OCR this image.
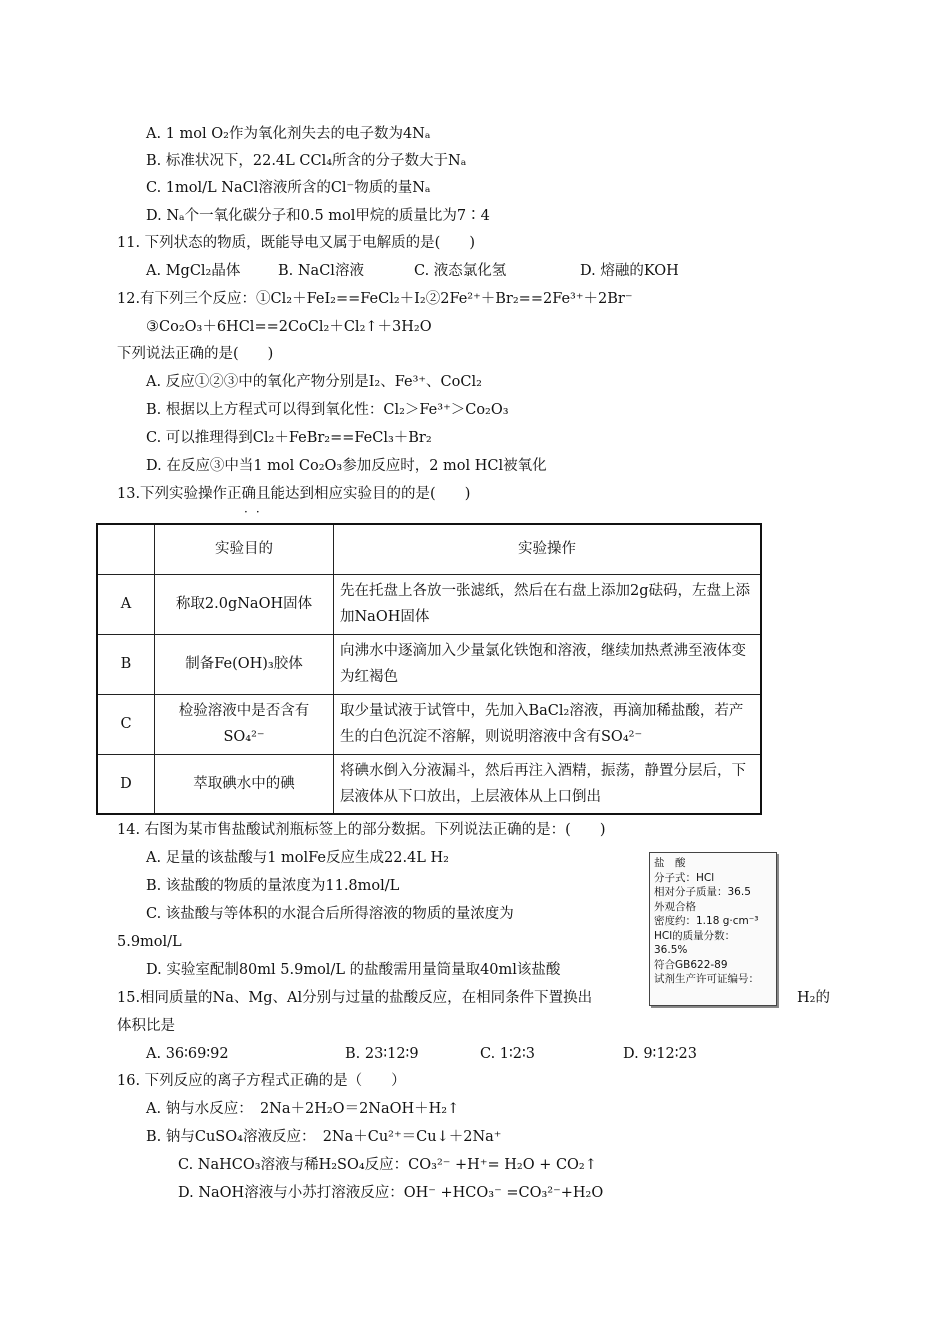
A. 1 mol O₂作为氧化剂失去的电子数为4Nₐ
B. 标准状况下，22.4L CCl₄所含的分子数大于Nₐ
C. 1mol/L NaCl溶液所含的Cl⁻物质的量Nₐ
D. Nₐ个一氧化碳分子和0.5 mol甲烷的质量比为7∶4
11. 下列状态的物质，既能导电又属于电解质的是(　　)
A. MgCl₂晶体	B. NaCl溶液	C. 液态氯化氢	D. 熔融的KOH
12.有下列三个反应：①Cl₂＋FeI₂==FeCl₂＋I₂②2Fe²⁺＋Br₂==2Fe³⁺＋2Br⁻
③Co₂O₃＋6HCl==2CoCl₂＋Cl₂↑＋3H₂O
下列说法正确的是(　　)
A. 反应①②③中的氧化产物分别是I₂、Fe³⁺、CoCl₂
B. 根据以上方程式可以得到氧化性：Cl₂＞Fe³⁺＞Co₂O₃
C. 可以推理得到Cl₂＋FeBr₂==FeCl₃＋Br₂
D. 在反应③中当1 mol Co₂O₃参加反应时，2 mol HCl被氧化
13.下列实验操作正确且能达到相应实验目的的是(　　)
··
	实验目的	实验操作
A	称取2.0gNaOH固体	先在托盘上各放一张滤纸，然后在右盘上添加2g砝码，左盘上添加NaOH固体
B	制备Fe(OH)₃胶体	向沸水中逐滴加入少量氯化铁饱和溶液，继续加热煮沸至液体变为红褐色
C	检验溶液中是否含有SO₄²⁻	取少量试液于试管中，先加入BaCl₂溶液，再滴加稀盐酸，若产生的白色沉淀不溶解，则说明溶液中含有SO₄²⁻
D	萃取碘水中的碘	将碘水倒入分液漏斗，然后再注入酒精，振荡，静置分层后，下层液体从下口放出，上层液体从上口倒出
14. 右图为某市售盐酸试剂瓶标签上的部分数据。下列说法正确的是：(　　)
A. 足量的该盐酸与1 molFe反应生成22.4L H₂
B. 该盐酸的物质的量浓度为11.8mol/L
C. 该盐酸与等体积的水混合后所得溶液的物质的量浓度为
5.9mol/L
D. 实验室配制80ml 5.9mol/L 的盐酸需用量筒量取40ml该盐酸
盐　酸
分子式：HCl
相对分子质量：36.5
外观合格
密度约：1.18 g·cm⁻³
HCl的质量分数：
36.5%
符合GB622-89
试剂生产许可证编号：
15.相同质量的Na、Mg、Al分别与过量的盐酸反应，在相同条件下置换出	H₂的
体积比是
A. 36∶69∶92	B. 23∶12∶9	C. 1∶2∶3	D. 9∶12∶23
16. 下列反应的离子方程式正确的是（　　）
A. 钠与水反应：　2Na＋2H₂O＝2NaOH＋H₂↑
B. 钠与CuSO₄溶液反应：　2Na＋Cu²⁺＝Cu↓＋2Na⁺
C. NaHCO₃溶液与稀H₂SO₄反应：CO₃²⁻ +H⁺= H₂O + CO₂↑
D. NaOH溶液与小苏打溶液反应：OH⁻ +HCO₃⁻ =CO₃²⁻+H₂O
